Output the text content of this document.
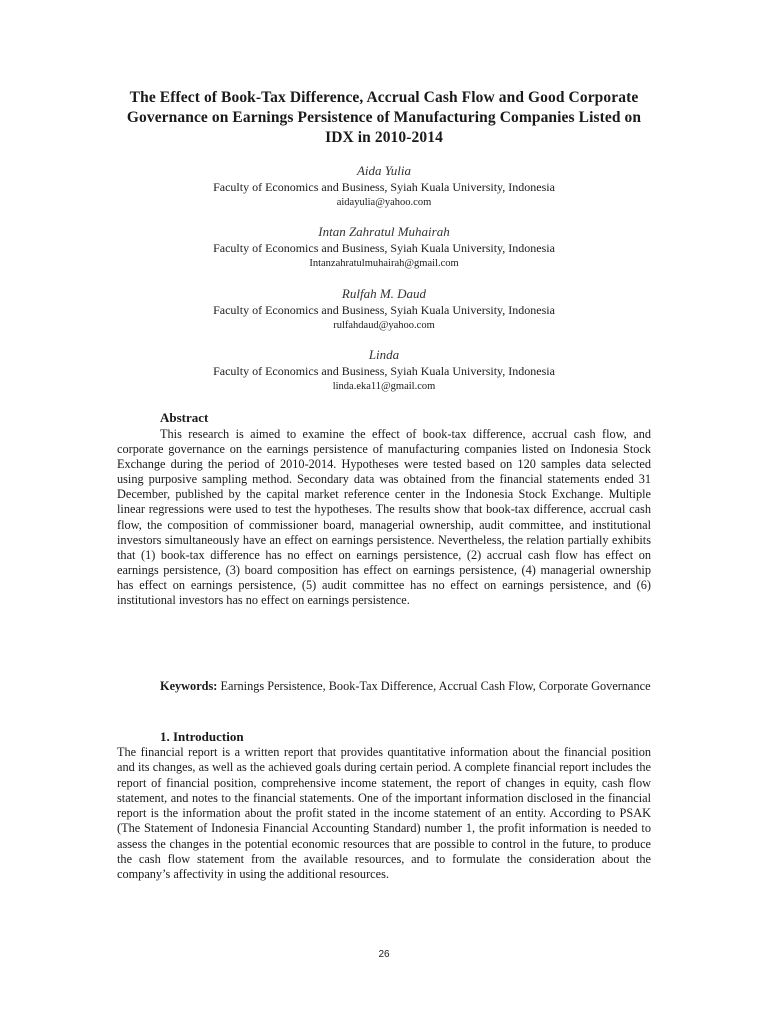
The Effect of Book-Tax Difference, Accrual Cash Flow and Good Corporate Governance on Earnings Persistence of Manufacturing Companies Listed on IDX in 2010-2014
Aida Yulia
Faculty of Economics and Business, Syiah Kuala University, Indonesia
aidayulia@yahoo.com
Intan Zahratul Muhairah
Faculty of Economics and Business, Syiah Kuala University, Indonesia
Intanzahratulmuhairah@gmail.com
Rulfah M. Daud
Faculty of Economics and Business, Syiah Kuala University, Indonesia
rulfahdaud@yahoo.com
Linda
Faculty of Economics and Business, Syiah Kuala University, Indonesia
linda.eka11@gmail.com
Abstract
This research is aimed to examine the effect of book-tax difference, accrual cash flow, and corporate governance on the earnings persistence of manufacturing companies listed on Indonesia Stock Exchange during the period of 2010-2014. Hypotheses were tested based on 120 samples data selected using purposive sampling method. Secondary data was obtained from the financial statements ended 31 December, published by the capital market reference center in the Indonesia Stock Exchange. Multiple linear regressions were used to test the hypotheses. The results show that book-tax difference, accrual cash flow, the composition of commissioner board, managerial ownership, audit committee, and institutional investors simultaneously have an effect on earnings persistence. Nevertheless, the relation partially exhibits that (1) book-tax difference has no effect on earnings persistence, (2) accrual cash flow has effect on earnings persistence, (3) board composition has effect on earnings persistence, (4) managerial ownership has effect on earnings persistence, (5) audit committee has no effect on earnings persistence, and (6) institutional investors has no effect on earnings persistence.
Keywords: Earnings Persistence, Book-Tax Difference, Accrual Cash Flow, Corporate Governance
1. Introduction
The financial report is a written report that provides quantitative information about the financial position and its changes, as well as the achieved goals during certain period. A complete financial report includes the report of financial position, comprehensive income statement, the report of changes in equity, cash flow statement, and notes to the financial statements. One of the important information disclosed in the financial report is the information about the profit stated in the income statement of an entity. According to PSAK (The Statement of Indonesia Financial Accounting Standard) number 1, the profit information is needed to assess the changes in the potential economic resources that are possible to control in the future, to produce the cash flow statement from the available resources, and to formulate the consideration about the company’s affectivity in using the additional resources.
26
